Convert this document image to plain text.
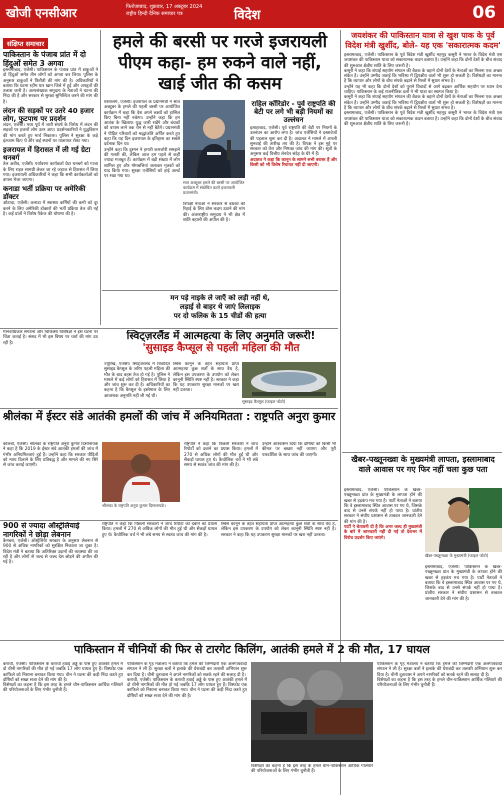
खोजी एनसीआर	फिरोजाबाद, शुक्रवार, 17 अक्टूबर 2024
राष्ट्रीय हिन्दी दैनिक समाचार पत्र	विदेश	06
संक्षिप्त समाचार
पाकिस्तान के पंजाब प्रांत में दो हिंदुओं समेत 3 अगवा

इस्लामाबाद, एजेंसी। पाकिस्तान के पंजाब प्रांत में डाकुओं ने दो हिंदुओं समेत तीन लोगों को अगवा कर लिया। पुलिस के अनुसार डाकुओं ने फिरौती की मांग की है। अधिकारियों ने बताया कि घटना रहीम यार खान जिले में हुई और अपहृतों की तलाश जारी है। अल्पसंख्यक समुदाय के नेताओं ने घटना की निंदा की है और सरकार से सुरक्षा सुनिश्चित करने की मांग की है।

लंदन की सड़कों पर उतरे 40 हजार लोग, फुटपाथ पर प्रदर्शन

लंदन, एजेंसी। मध्य पूर्व में जारी संघर्ष के विरोध में लंदन की सड़कों पर हजारों लोग उतर आए। प्रदर्शनकारियों ने युद्धविराम की मांग करते हुए मार्च निकाला। पुलिस ने सुरक्षा के कड़े इंतजाम किए थे और कई स्थानों पर यातायात रोका गया।

इजरायल में हिरासत में ली गई ग्रेटा थनबर्ग

तेल अवीव, एजेंसी। पर्यावरण कार्यकर्ता ग्रेटा थनबर्ग को गाजा के लिए राहत सामग्री लेकर जा रहे जहाज से हिरासत में लिया गया। इजरायली अधिकारियों ने कहा कि सभी कार्यकर्ताओं को वापस भेजा जाएगा।

कनाडा भर्ती प्रक्रिया पर अमेरिकी डॉक्टर

ओटावा, एजेंसी। कनाडा में स्वास्थ्य कर्मियों की कमी को दूर करने के लिए अमेरिकी डॉक्टरों की भर्ती प्रक्रिया तेज की गई है। कई प्रांतों ने विशेष पैकेज की घोषणा की है।

900 से ज्यादा ऑस्ट्रेलियाई नागरिकों ने छोड़ा लेबनान

कैनबरा, एजेंसी। ऑस्ट्रेलिया सरकार के अनुसार लेबनान से 900 से अधिक नागरिकों को सुरक्षित निकाला जा चुका है। विदेश मंत्री ने बताया कि अतिरिक्त उड़ानों की व्यवस्था की जा रही है और लोगों से जल्द से जल्द देश छोड़ने की अपील की गई है।

हमले की बरसी पर गरजे इजरायली पीएम कहा- हम रुकने वाले नहीं, खाई जीत की कसम

यरुशलम, एजेंसी। इजरायल के प्रधानमंत्री ने सात अक्टूबर के हमले की पहली बरसी पर आयोजित कार्यक्रम में कहा कि देश अपने लक्ष्यों को हासिल किए बिना नहीं रुकेगा। उन्होंने कहा कि हम आतंक के खिलाफ युद्ध जारी रखेंगे और बंधकों को वापस लाने तक चैन से नहीं बैठेंगे। प्रधानमंत्री ने पीड़ित परिवारों को श्रद्धांजलि अर्पित करते हुए कहा कि यह दिन इजरायल के इतिहास का सबसे दर्दनाक दिन था।

उन्होंने कहा कि दुश्मन ने हमारी कमजोरी समझने की गलती की, लेकिन आज हम पहले से कहीं ज्यादा मजबूत हैं। कार्यक्रम में बड़ी संख्या में लोग शामिल हुए और मोमबत्तियां जलाकर मृतकों को याद किया गया। सुरक्षा एजेंसियों को हाई अलर्ट पर रखा गया था।

सात अक्टूबर हमले की बरसी पर आयोजित कार्यक्रम में संबोधित करते इजरायली प्रधानमंत्री।

विपक्षी नेताओं ने सरकार से बंधकों की रिहाई के लिए ठोस कदम उठाने की मांग की। अंतरराष्ट्रीय समुदाय ने भी क्षेत्र में शांति बहाली की अपील की है।

राहिल कॉरिडोर - पुर्व राष्ट्रपति की बेटी पर लगे भी बड़ी नियमों का उल्लंघन

इलाहाबाद, एजेंसी। पूर्व राष्ट्रपति की बेटी पर नियमों के उल्लंघन का आरोप लगा है। जांच एजेंसियों ने दस्तावेजों की पड़ताल शुरू कर दी है। अदालत ने मामले में अगली सुनवाई की तारीख तय की है। विपक्ष ने इस मुद्दे पर सरकार को घेरा और निष्पक्ष जांच की मांग की। सूत्रों के अनुसार कई वित्तीय लेनदेन संदेह के घेरे में हैं।

अदालत ने कहा कि कानून के सामने सभी बराबर हैं और किसी को भी विशेष रियायत नहीं दी जाएगी।

मन पड़े नाइके ले जाएँ को लड़ी नहीं थे,
लड़ाई से बाहर थे जाएं लिलाइक
पर दो फलिक के 15 चीडों की हत्या
स्विट्ज़रलैंड में आत्महत्या के लिए अनुमति जरूरी!
'सुसाइड कैप्सूल से पहली महिला की मौत

ज्यूरिख, एजेंसी। स्विट्जरलैंड में विवादित सुसाइड कैप्सूल के जरिए पहली महिला की मौत के बाद बहस तेज हो गई है। पुलिस ने मामले में कई लोगों को हिरासत में लिया है और जांच शुरू कर दी है। अधिकारियों का कहना है कि कैप्सूल के इस्तेमाल के लिए आवश्यक अनुमति नहीं ली गई थी।

स्विस कानून के तहत सहायता प्राप्त आत्महत्या कुछ शर्तों के साथ वैध है, लेकिन इस उपकरण के उपयोग को लेकर कानूनी स्थिति स्पष्ट नहीं है। सरकार ने कहा कि यह उपकरण सुरक्षा मानकों पर खरा नहीं उतरता।

सुसाइड कैप्सूल (फाइल फोटो)

मानवाधिकार संगठनों और चिकित्सा विशेषज्ञों ने इस घटना पर चिंता जताई है। संसद में भी इस विषय पर चर्चा की मांग उठ रही है।

श्रीलंका में ईस्टर संडे आतंकी हमलों की जांच में अनियमितता : राष्ट्रपति अनुरा कुमार

कोलंबो, एजेंसी। श्रीलंका के राष्ट्रपति अनुरा कुमार दिसानायके ने कहा है कि 2019 के ईस्टर संडे आतंकी हमलों की जांच में गंभीर अनियमितताएं हुई हैं। उन्होंने कहा कि सरकार पीड़ितों को न्याय दिलाने के लिए प्रतिबद्ध है और मामले की नए सिरे से जांच कराई जाएगी।

श्रीलंका के राष्ट्रपति अनुरा कुमार दिसानायके।

राष्ट्रपति ने कहा कि पिछली सरकारों ने जांच रिपोर्टों को दबाने का प्रयास किया। हमलों में 270 से अधिक लोगों की मौत हुई थी और सैकड़ों घायल हुए थे। कैथोलिक चर्च ने भी लंबे समय से स्वतंत्र जांच की मांग की है।

उन्होंने आश्वासन दिया कि दोषियों को किसी भी कीमत पर बख्शा नहीं जाएगा और पूरी पारदर्शिता के साथ जांच की जाएगी।

राष्ट्रपति ने कहा कि पिछली सरकारों ने जांच रिपोर्टों को दबाने का प्रयास किया। हमलों में 270 से अधिक लोगों की मौत हुई थी और सैकड़ों घायल हुए थे। कैथोलिक चर्च ने भी लंबे समय से स्वतंत्र जांच की मांग की है।

स्विस कानून के तहत सहायता प्राप्त आत्महत्या कुछ शर्तों के साथ वैध है, लेकिन इस उपकरण के उपयोग को लेकर कानूनी स्थिति स्पष्ट नहीं है। सरकार ने कहा कि यह उपकरण सुरक्षा मानकों पर खरा नहीं उतरता।

जयशंकर की पाकिस्तान यात्रा से खुश पाक के पूर्व विदेश मंत्री खुर्शीद, बोले- यह एक 'सकारात्मक कदम'

इस्लामाबाद, एजेंसी। पाकिस्तान के पूर्व विदेश मंत्री खुर्शीद महमूद कसूरी ने भारत के विदेश मंत्री एस जयशंकर की पाकिस्तान यात्रा को सकारात्मक कदम बताया है। उन्होंने कहा कि दोनों देशों के बीच संवाद की शुरुआत क्षेत्रीय शांति के लिए जरूरी है।

कसूरी ने कहा कि शंघाई सहयोग संगठन की बैठक के बहाने दोनों देशों के नेताओं का मिलना एक अच्छा संकेत है। उन्होंने उम्मीद जताई कि भविष्य में द्विपक्षीय वार्ता भी शुरू हो सकती है। विशेषज्ञों का मानना है कि व्यापार और लोगों के बीच संपर्क बढ़ाने से रिश्तों में सुधार संभव है।

उन्होंने यह भी कहा कि दोनों देशों को पुराने विवादों से आगे बढ़कर आर्थिक सहयोग पर ध्यान देना चाहिए। पाकिस्तान के कई राजनीतिक दलों ने भी यात्रा का स्वागत किया है।

कसूरी ने कहा कि शंघाई सहयोग संगठन की बैठक के बहाने दोनों देशों के नेताओं का मिलना एक अच्छा संकेत है। उन्होंने उम्मीद जताई कि भविष्य में द्विपक्षीय वार्ता भी शुरू हो सकती है। विशेषज्ञों का मानना है कि व्यापार और लोगों के बीच संपर्क बढ़ाने से रिश्तों में सुधार संभव है।

इस्लामाबाद, एजेंसी। पाकिस्तान के पूर्व विदेश मंत्री खुर्शीद महमूद कसूरी ने भारत के विदेश मंत्री एस जयशंकर की पाकिस्तान यात्रा को सकारात्मक कदम बताया है। उन्होंने कहा कि दोनों देशों के बीच संवाद की शुरुआत क्षेत्रीय शांति के लिए जरूरी है।

खैबर-पख्तूनख्वा के मुख्यमंत्री लापता, इस्लामाबाद वाले आवास पर गए फिर नहीं चला कुछ पता

इस्लामाबाद, एजेंसी। पाकिस्तान के खैबर-पख्तूनख्वा प्रांत के मुख्यमंत्री के लापता होने की खबर से हड़कंप मच गया है। पार्टी नेताओं ने बताया कि वे इस्लामाबाद स्थित आवास पर गए थे, जिसके बाद से उनसे संपर्क नहीं हो पाया है। प्रांतीय सरकार ने संघीय प्रशासन से तत्काल जानकारी देने की मांग की है।

पार्टी ने चेतावनी दी है कि अगर जल्द ही मुख्यमंत्री के बारे में जानकारी नहीं दी गई तो देशभर में विरोध प्रदर्शन किए जाएंगे।

खैबर-पख्तूनख्वा के मुख्यमंत्री (फाइल फोटो)

इस्लामाबाद, एजेंसी। पाकिस्तान के खैबर-पख्तूनख्वा प्रांत के मुख्यमंत्री के लापता होने की खबर से हड़कंप मच गया है। पार्टी नेताओं ने बताया कि वे इस्लामाबाद स्थित आवास पर गए थे, जिसके बाद से उनसे संपर्क नहीं हो पाया है। प्रांतीय सरकार ने संघीय प्रशासन से तत्काल जानकारी देने की मांग की है।

पाकिस्तान में चीनियों की फिर से टारगेट किलिंग, आतंकी हमले में 2 की मौत, 17 घायल

कराची, एजेंसी। पाकिस्तान के कराची हवाई अड्डे के पास हुए आतंकी हमले में दो चीनी नागरिकों की मौत हो गई जबकि 17 लोग घायल हुए हैं। विस्फोट एक काफिले को निशाना बनाकर किया गया। चीन ने घटना की कड़ी निंदा करते हुए दोषियों को सख्त सजा देने की मांग की है।

विशेषज्ञों का कहना है कि इस तरह के हमले चीन-पाकिस्तान आर्थिक गलियारे की परियोजनाओं के लिए गंभीर चुनौती हैं।

पाकिस्तान के गृह मंत्रालय ने बताया कि हमले की जिम्मेदारी एक अलगाववादी संगठन ने ली है। सुरक्षा बलों ने इलाके की घेराबंदी कर तलाशी अभियान शुरू कर दिया है। चीनी दूतावास ने अपने नागरिकों को सतर्क रहने की सलाह दी है।

कराची, एजेंसी। पाकिस्तान के कराची हवाई अड्डे के पास हुए आतंकी हमले में दो चीनी नागरिकों की मौत हो गई जबकि 17 लोग घायल हुए हैं। विस्फोट एक काफिले को निशाना बनाकर किया गया। चीन ने घटना की कड़ी निंदा करते हुए दोषियों को सख्त सजा देने की मांग की है।

विशेषज्ञों का कहना है कि इस तरह के हमले चीन-पाकिस्तान आर्थिक गलियारे की परियोजनाओं के लिए गंभीर चुनौती हैं।

पाकिस्तान के गृह मंत्रालय ने बताया कि हमले की जिम्मेदारी एक अलगाववादी संगठन ने ली है। सुरक्षा बलों ने इलाके की घेराबंदी कर तलाशी अभियान शुरू कर दिया है। चीनी दूतावास ने अपने नागरिकों को सतर्क रहने की सलाह दी है।

विशेषज्ञों का कहना है कि इस तरह के हमले चीन-पाकिस्तान आर्थिक गलियारे की परियोजनाओं के लिए गंभीर चुनौती हैं।
